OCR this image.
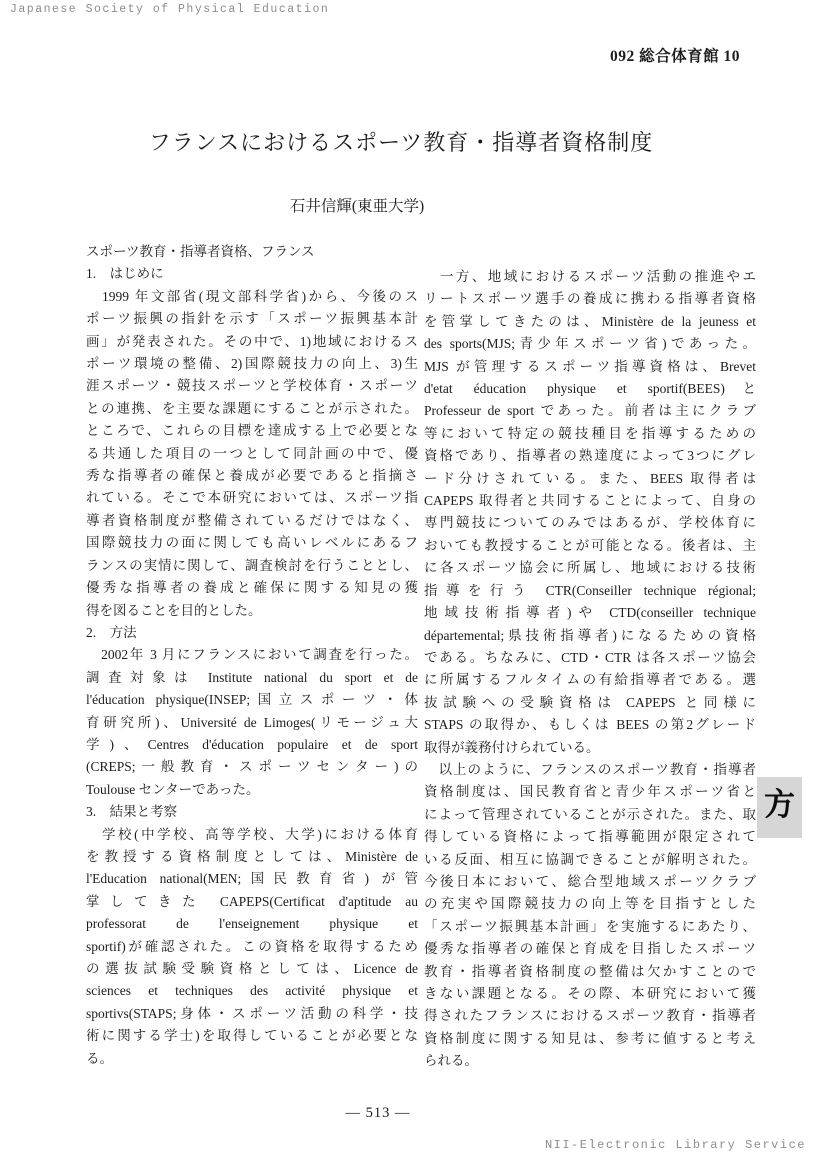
Japanese Society of Physical Education
092 総合体育館 10
フランスにおけるスポーツ教育・指導者資格制度
石井信輝(東亜大学)
スポーツ教育・指導者資格、フランス
1.　はじめに
　1999 年文部省(現文部科学省)から、今後のス
ポーツ振興の指針を示す「スポーツ振興基本計
画」が発表された。その中で、1)地域におけるス
ポーツ環境の整備、2)国際競技力の向上、3)生
涯スポーツ・競技スポーツと学校体育・スポーツ
との連携、を主要な課題にすることが示された。
ところで、これらの目標を達成する上で必要とな
る共通した項目の一つとして同計画の中で、優
秀な指導者の確保と養成が必要であると指摘さ
れている。そこで本研究においては、スポーツ指
導者資格制度が整備されているだけではなく、
国際競技力の面に関しても高いレベルにあるフ
ランスの実情に関して、調査検討を行うこととし、
優秀な指導者の養成と確保に関する知見の獲
得を図ることを目的とした。
2.　方法
　2002年 3 月にフランスにおいて調査を行った。
調査対象は Institute national du sport et de
l'éducation physique(INSEP;国立スポーツ・体
育研究所)、Université de Limoges(リモージュ大
学)、Centres d'éducation populaire et de sport
(CREPS;一般教育・スポーツセンター)の
Toulouse センターであった。
3.　結果と考察
　学校(中学校、高等学校、大学)における体育
を教授する資格制度としては、Ministère de
l'Education national(MEN;国民教育省) が管
掌してきた CAPEPS(Certificat d'aptitude au
professorat de l'enseignement physique et
sportif)が確認された。この資格を取得するため
の選抜試験受験資格としては、Licence de
sciences et techniques des activité physique et
sportivs(STAPS;身体・スポーツ活動の科学・技
術に関する学士)を取得していることが必要とな
る。
　一方、地域におけるスポーツ活動の推進やエ
リートスポーツ選手の養成に携わる指導者資格
を管掌してきたのは、Ministère de la jeuness et
des sports(MJS;青少年スポーツ省)であった。
MJS が管理するスポーツ指導資格は、Brevet
d'etat éducation physique et sportif(BEES)と
Professeur de sport であった。前者は主にクラブ
等において特定の競技種目を指導するための
資格であり、指導者の熟達度によって3つにグレ
ード分けされている。また、BEES 取得者は
CAPEPS 取得者と共同することによって、自身の
専門競技についてのみではあるが、学校体育に
おいても教授することが可能となる。後者は、主
に各スポーツ協会に所属し、地域における技術
指導を行う CTR(Conseiller technique régional;
地域技術指導者)や CTD(conseiller technique
départemental;県技術指導者)になるための資格
である。ちなみに、CTD・CTR は各スポーツ協会
に所属するフルタイムの有給指導者である。選
抜試験への受験資格は CAPEPS と同様に
STAPS の取得か、もしくは BEES の第2グレード
取得が義務付けられている。
　以上のように、フランスのスポーツ教育・指導者
資格制度は、国民教育省と青少年スポーツ省と
によって管理されていることが示された。また、取
得している資格によって指導範囲が限定されて
いる反面、相互に協調できることが解明された。
今後日本において、総合型地域スポーツクラブ
の充実や国際競技力の向上等を目指すとした
「スポーツ振興基本計画」を実施するにあたり、
優秀な指導者の確保と育成を目指したスポーツ
教育・指導者資格制度の整備は欠かすことので
きない課題となる。その際、本研究において獲
得されたフランスにおけるスポーツ教育・指導者
資格制度に関する知見は、参考に値すると考え
られる。
方
— 513 —
NII-Electronic Library Service
